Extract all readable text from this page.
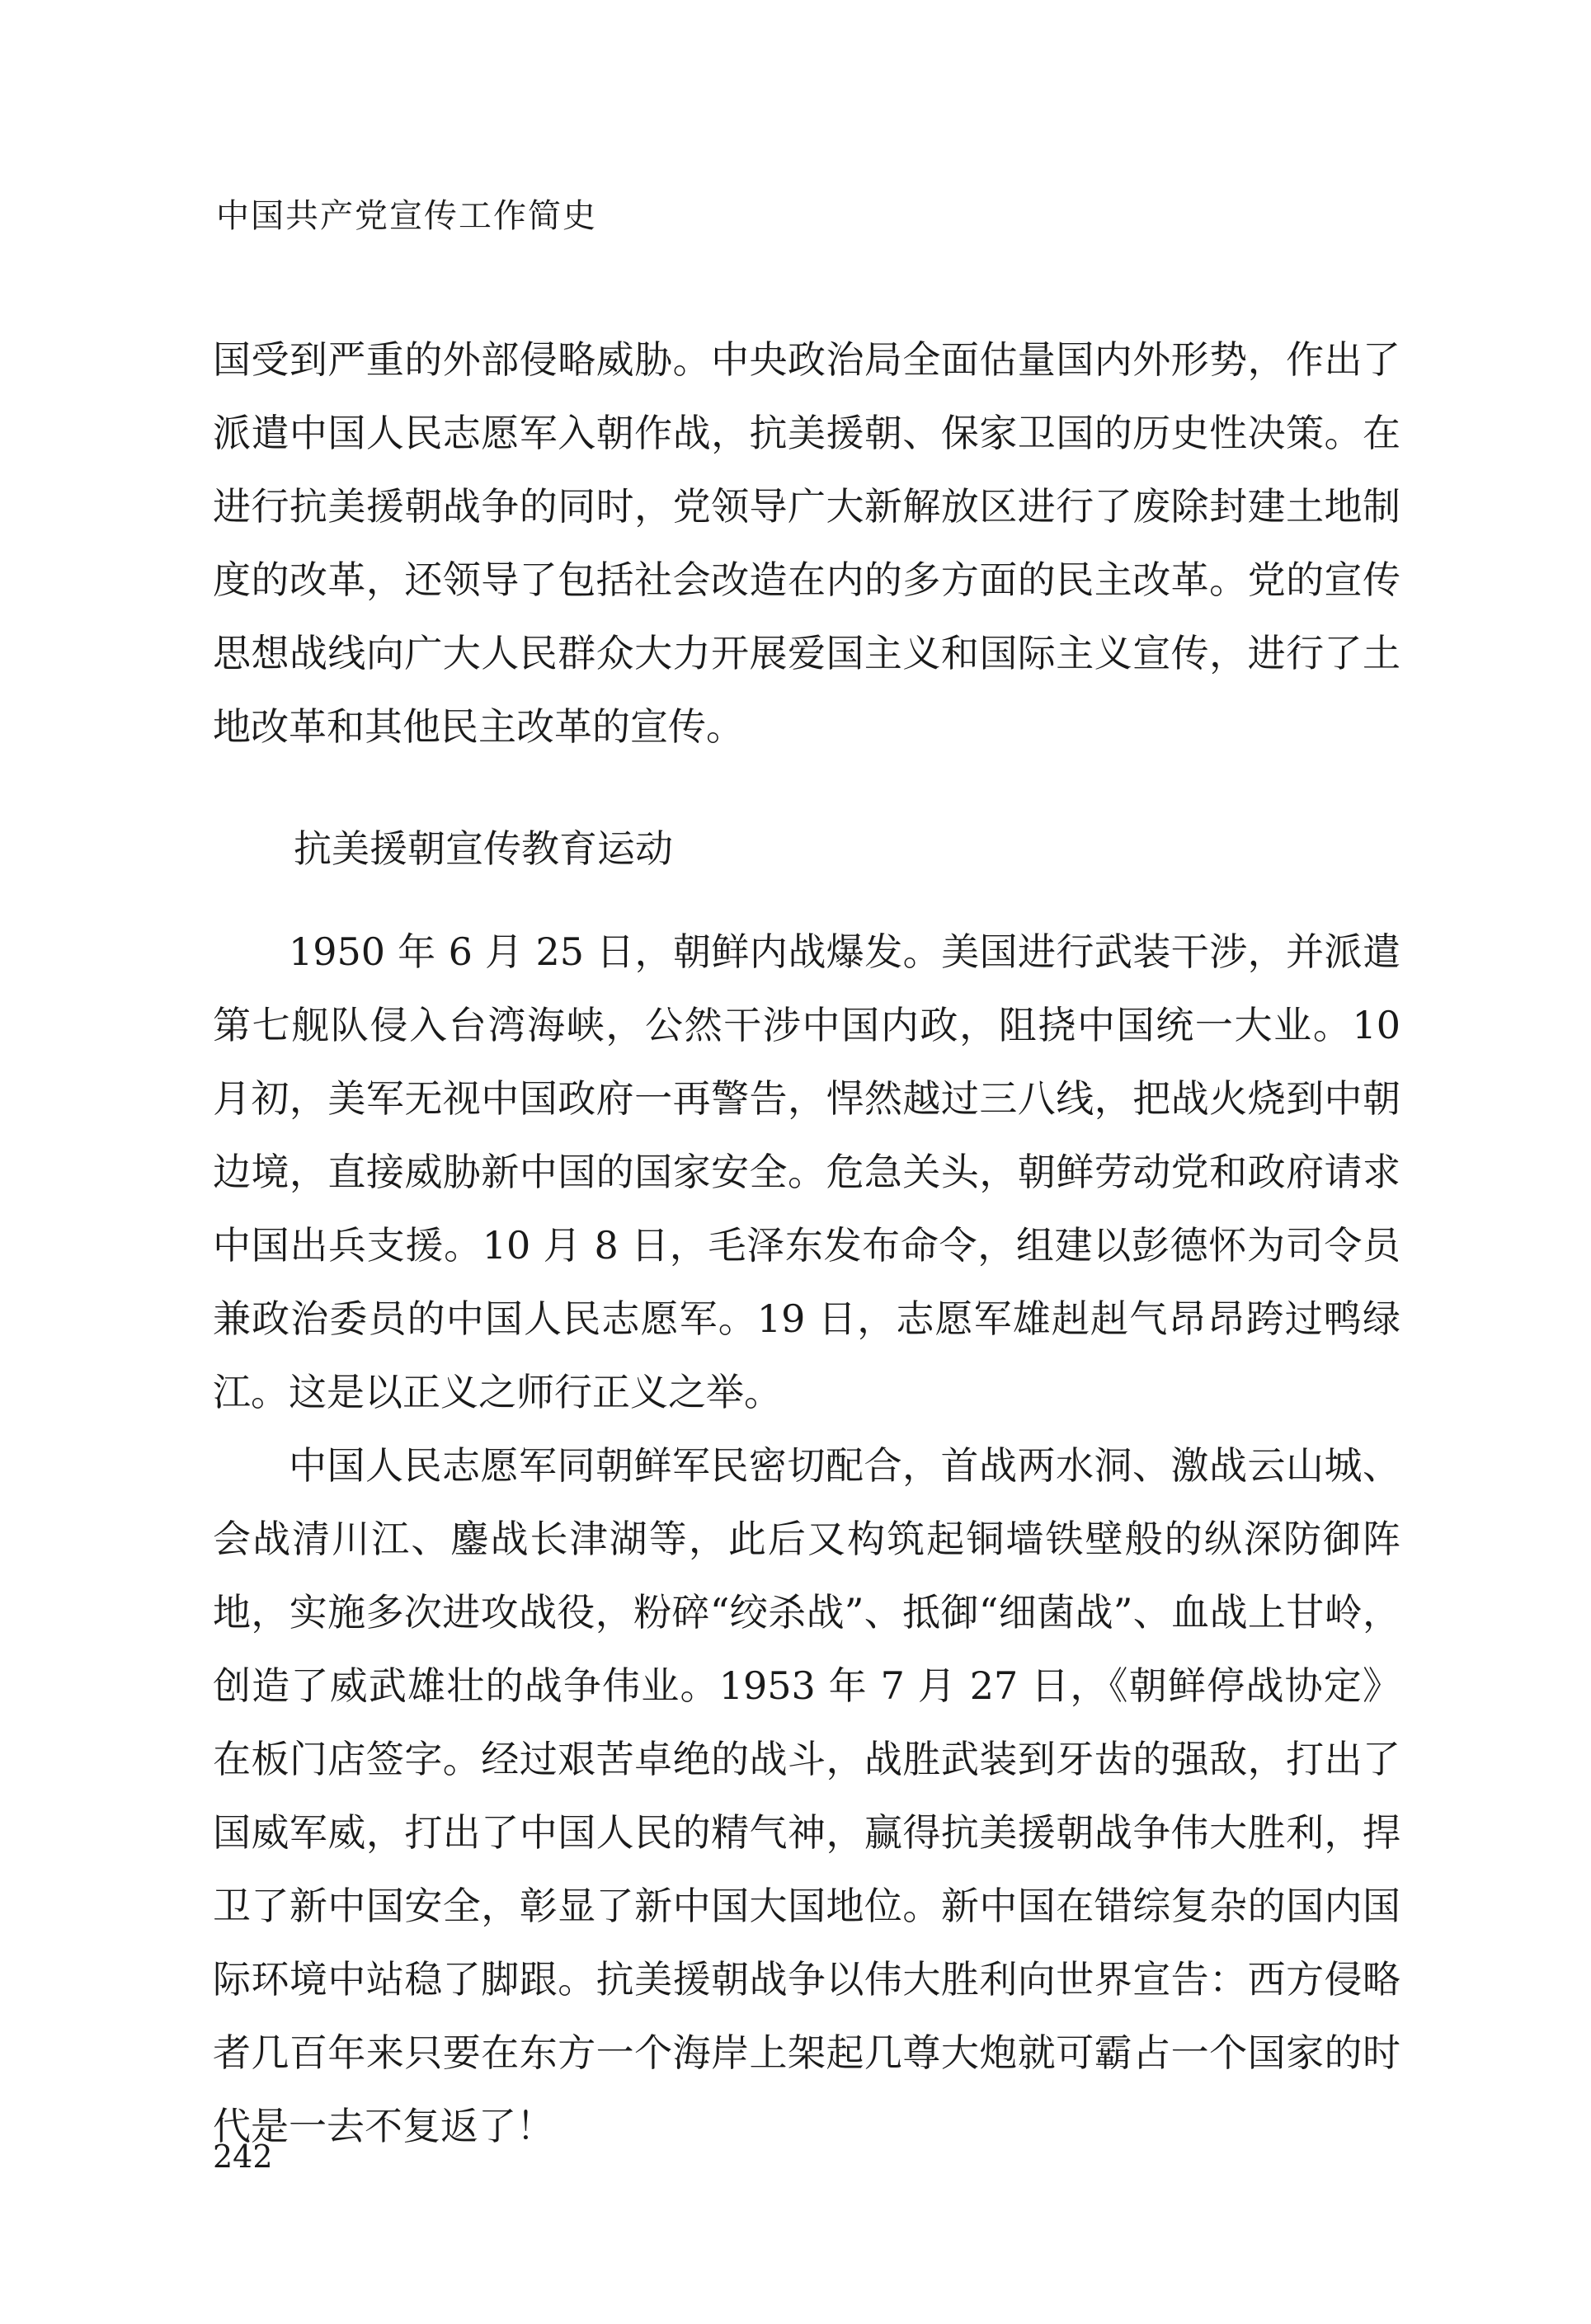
中国共产党宣传工作简史

国受到严重的外部侵略威胁。中央政治局全面估量国内外形势，作出了派遣中国人民志愿军入朝作战，抗美援朝、保家卫国的历史性决策。在进行抗美援朝战争的同时，党领导广大新解放区进行了废除封建土地制度的改革，还领导了包括社会改造在内的多方面的民主改革。党的宣传思想战线向广大人民群众大力开展爱国主义和国际主义宣传，进行了土地改革和其他民主改革的宣传。

抗美援朝宣传教育运动

1950 年 6 月 25 日，朝鲜内战爆发。美国进行武装干涉，并派遣第七舰队侵入台湾海峡，公然干涉中国内政，阻挠中国统一大业。10 月初，美军无视中国政府一再警告，悍然越过三八线，把战火烧到中朝边境，直接威胁新中国的国家安全。危急关头，朝鲜劳动党和政府请求中国出兵支援。10 月 8 日，毛泽东发布命令，组建以彭德怀为司令员兼政治委员的中国人民志愿军。19 日，志愿军雄赳赳气昂昂跨过鸭绿江。这是以正义之师行正义之举。

中国人民志愿军同朝鲜军民密切配合，首战两水洞、激战云山城、会战清川江、鏖战长津湖等，此后又构筑起铜墙铁壁般的纵深防御阵地，实施多次进攻战役，粉碎“绞杀战”、抵御“细菌战”、血战上甘岭，创造了威武雄壮的战争伟业。1953 年 7 月 27 日，《朝鲜停战协定》在板门店签字。经过艰苦卓绝的战斗，战胜武装到牙齿的强敌，打出了国威军威，打出了中国人民的精气神，赢得抗美援朝战争伟大胜利，捍卫了新中国安全，彰显了新中国大国地位。新中国在错综复杂的国内国际环境中站稳了脚跟。抗美援朝战争以伟大胜利向世界宣告：西方侵略者几百年来只要在东方一个海岸上架起几尊大炮就可霸占一个国家的时代是一去不复返了！

242
